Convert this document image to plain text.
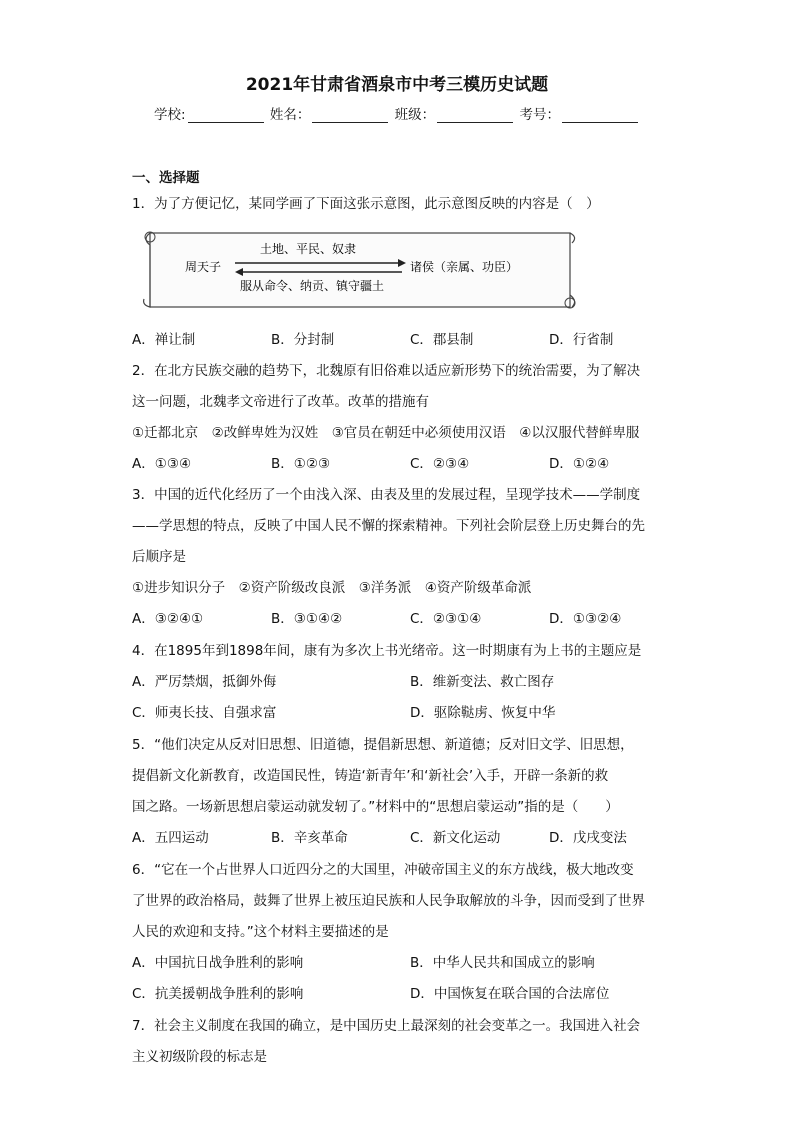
2021年甘肃省酒泉市中考三模历史试题
学校:	姓名：	班级：	考号：
一、选择题
1．为了方便记忆，某同学画了下面这张示意图，此示意图反映的内容是（　）
周天子	诸侯（亲属、功臣）
土地、平民、奴隶
服从命令、纳贡、镇守疆土
A．禅让制	B．分封制	C．郡县制	D．行省制
2．在北方民族交融的趋势下，北魏原有旧俗难以适应新形势下的统治需要，为了解决
这一问题，北魏孝文帝进行了改革。改革的措施有
①迁都北京　②改鲜卑姓为汉姓　③官员在朝廷中必须使用汉语　④以汉服代替鲜卑服
A．①③④	B．①②③	C．②③④	D．①②④
3．中国的近代化经历了一个由浅入深、由表及里的发展过程，呈现学技术——学制度
——学思想的特点，反映了中国人民不懈的探索精神。下列社会阶层登上历史舞台的先
后顺序是
①进步知识分子　②资产阶级改良派　③洋务派　④资产阶级革命派
A．③②④①	B．③①④②	C．②③①④	D．①③②④
4．在1895年到1898年间，康有为多次上书光绪帝。这一时期康有为上书的主题应是
A．严厉禁烟，抵御外侮	B．维新变法、救亡图存
C．师夷长技、自强求富	D．驱除鞑虏、恢复中华
5．“他们决定从反对旧思想、旧道德，提倡新思想、新道德；反对旧文学、旧思想，
提倡新文化新教育，改造国民性，铸造‘新青年’和‘新社会’入手，开辟一条新的救
国之路。一场新思想启蒙运动就发轫了。”材料中的“思想启蒙运动”指的是（　　）
A．五四运动	B．辛亥革命	C．新文化运动	D．戊戌变法
6．“它在一个占世界人口近四分之的大国里，冲破帝国主义的东方战线，极大地改变
了世界的政治格局，鼓舞了世界上被压迫民族和人民争取解放的斗争，因而受到了世界
人民的欢迎和支持。”这个材料主要描述的是
A．中国抗日战争胜利的影响	B．中华人民共和国成立的影响
C．抗美援朝战争胜利的影响	D．中国恢复在联合国的合法席位
7．社会主义制度在我国的确立，是中国历史上最深刻的社会变革之一。我国进入社会
主义初级阶段的标志是
